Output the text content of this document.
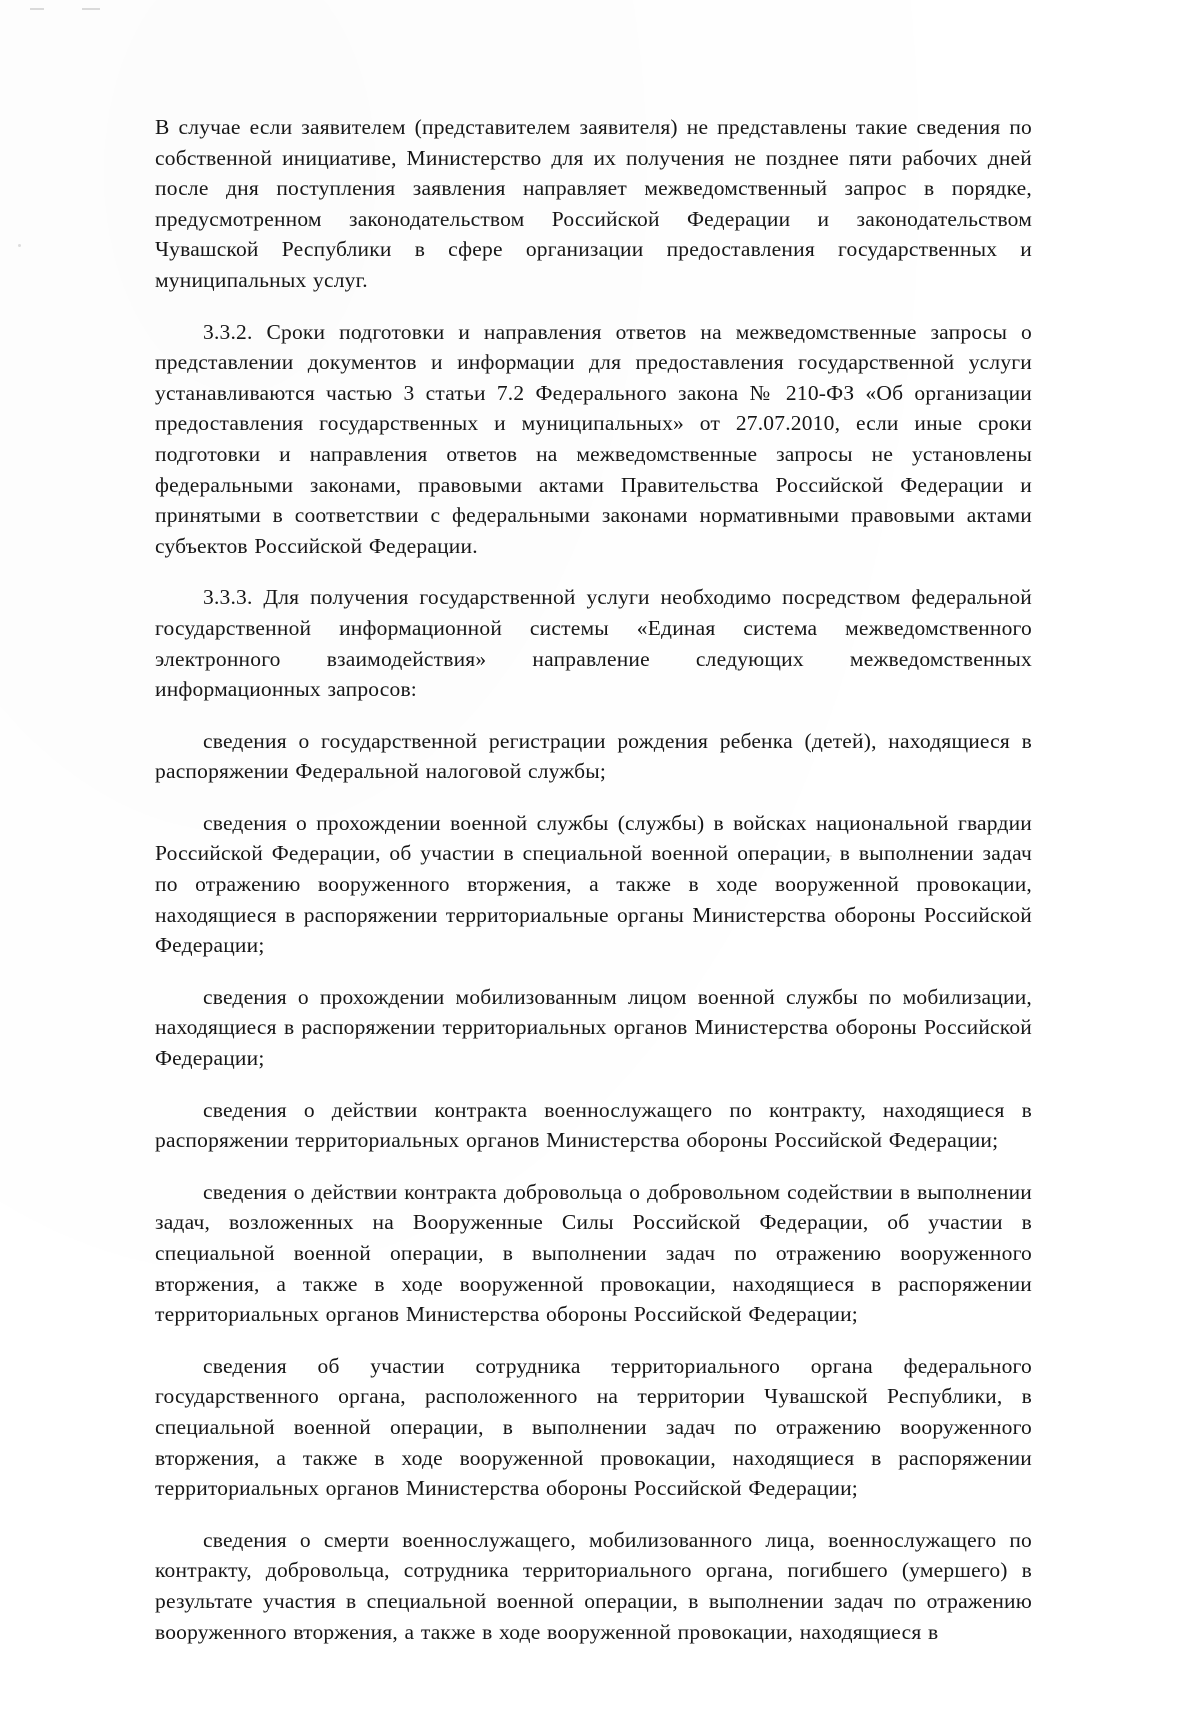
В случае если заявителем (представителем заявителя) не представлены такие сведения по собственной инициативе, Министерство для их получения не позднее пяти рабочих дней после дня поступления заявления направляет межведомственный запрос в порядке, предусмотренном законодательством Российской Федерации и законодательством Чувашской Республики в сфере организации предоставления государственных и муниципальных услуг.

3.3.2. Сроки подготовки и направления ответов на межведомственные запросы о представлении документов и информации для предоставления государственной услуги устанавливаются частью 3 статьи 7.2 Федерального закона № 210-ФЗ «Об организации предоставления государственных и муниципальных» от 27.07.2010, если иные сроки подготовки и направления ответов на межведомственные запросы не установлены федеральными законами, правовыми актами Правительства Российской Федерации и принятыми в соответствии с федеральными законами нормативными правовыми актами субъектов Российской Федерации.

3.3.3. Для получения государственной услуги необходимо посредством федеральной государственной информационной системы «Единая система межведомственного электронного взаимодействия» направление следующих межведомственных информационных запросов:

сведения о государственной регистрации рождения ребенка (детей), находящиеся в распоряжении Федеральной налоговой службы;

сведения о прохождении военной службы (службы) в войсках национальной гвардии Российской Федерации, об участии в специальной военной операции, в выполнении задач по отражению вооруженного вторжения, а также в ходе вооруженной провокации, находящиеся в распоряжении территориальные органы Министерства обороны Российской Федерации;

сведения о прохождении мобилизованным лицом военной службы по мобилизации, находящиеся в распоряжении территориальных органов Министерства обороны Российской Федерации;

сведения о действии контракта военнослужащего по контракту, находящиеся в распоряжении территориальных органов Министерства обороны Российской Федерации;

сведения о действии контракта добровольца о добровольном содействии в выполнении задач, возложенных на Вооруженные Силы Российской Федерации, об участии в специальной военной операции, в выполнении задач по отражению вооруженного вторжения, а также в ходе вооруженной провокации, находящиеся в распоряжении территориальных органов Министерства обороны Российской Федерации;

сведения об участии сотрудника территориального органа федерального государственного органа, расположенного на территории Чувашской Республики, в специальной военной операции, в выполнении задач по отражению вооруженного вторжения, а также в ходе вооруженной провокации, находящиеся в распоряжении территориальных органов Министерства обороны Российской Федерации;

сведения о смерти военнослужащего, мобилизованного лица, военнослужащего по контракту, добровольца, сотрудника территориального органа, погибшего (умершего) в результате участия в специальной военной операции, в выполнении задач по отражению вооруженного вторжения, а также в ходе вооруженной провокации, находящиеся в
